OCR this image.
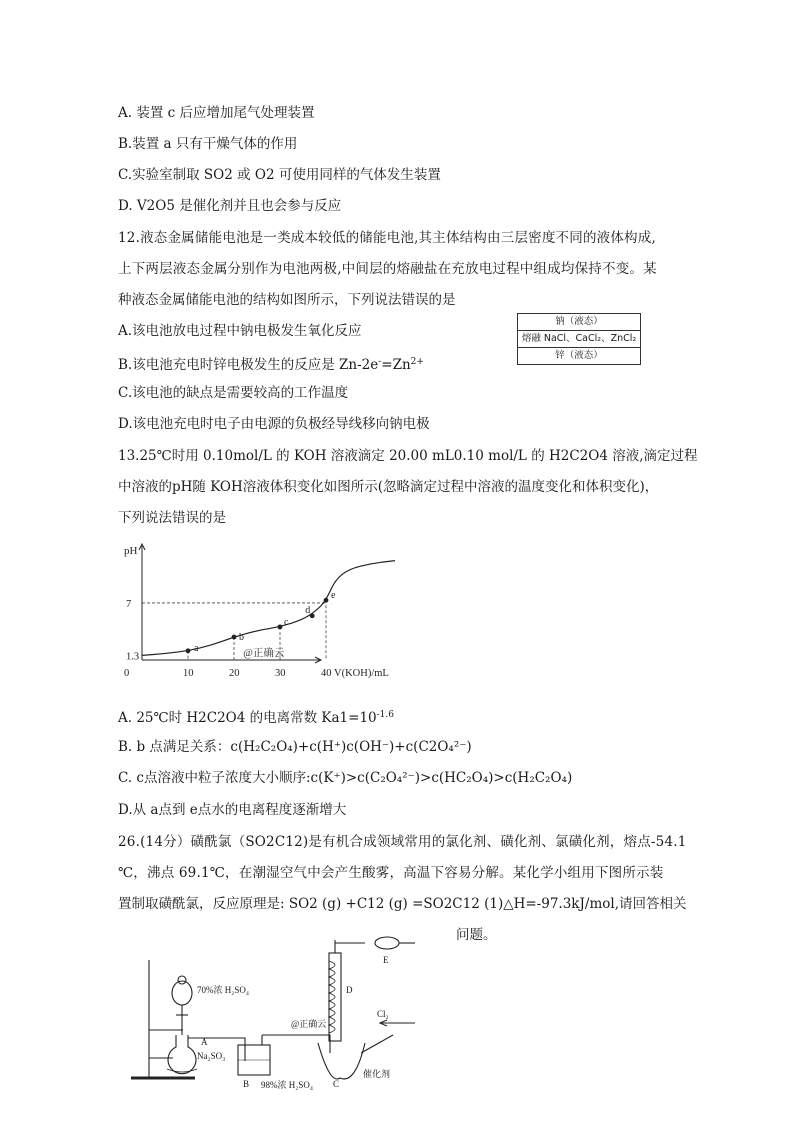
A. 装置 c 后应增加尾气处理装置
B.装置 a 只有干燥气体的作用
C.实验室制取 SO2 或 O2 可使用同样的气体发生装置
D. V2O5 是催化剂并且也会参与反应
12.液态金属储能电池是一类成本较低的储能电池,其主体结构由三层密度不同的液体构成,
上下两层液态金属分别作为电池两极,中间层的熔融盐在充放电过程中组成均保持不变。某
种液态金属储能电池的结构如图所示，下列说法错误的是
A.该电池放电过程中钠电极发生氧化反应
B.该电池充电时锌电极发生的反应是 $Zn-2e^-=Zn^{2+}$
C.该电池的缺点是需要较高的工作温度
D.该电池充电时电子由电源的负极经导线移向钠电极
钠（液态）
熔融 NaCl、CaCl₂、ZnCl₂
锌（液态）
13.25℃时用 0.10mol/L 的 KOH 溶液滴定 20.00 mL0.10 mol/L 的 H2C2O4 溶液,滴定过程
中溶液的pH随 KOH溶液体积变化如图所示(忽略滴定过程中溶液的温度变化和体积变化)，
下列说法错误的是
pH
7
1.3
0	10	20	30	40 V(KOH)/mL
a
b
c
d
e
@正确云
A. 25℃时 H2C2O4 的电离常数 $Ka1=10^{-1.6}$
B. b 点满足关系：c(H₂C₂O₄)+c(H⁺)c(OH⁻)+c(C2O₄²⁻)
C. c点溶液中粒子浓度大小顺序:c(K⁺)>c(C₂O₄²⁻)>c(HC₂O₄)>c(H₂C₂O₄)
D.从 a点到 e点水的电离程度逐渐增大
26.(14分）磺酰氯（SO2C12)是有机合成领域常用的氯化剂、磺化剂、氯磺化剂，熔点-54.1
℃，沸点 69.1℃，在潮湿空气中会产生酸雾，高温下容易分解。某化学小组用下图所示装
置制取磺酰氯，反应原理是: SO2 (g) +C12 (g) =SO2C12 (1)△H=-97.3kJ/mol,请回答相关
问题。
70%浓 H₂SO₄
A
Na₂SO₃
B 98%浓 H₂SO₄ C
催化剂
D
E
Cl₂
@正确云
